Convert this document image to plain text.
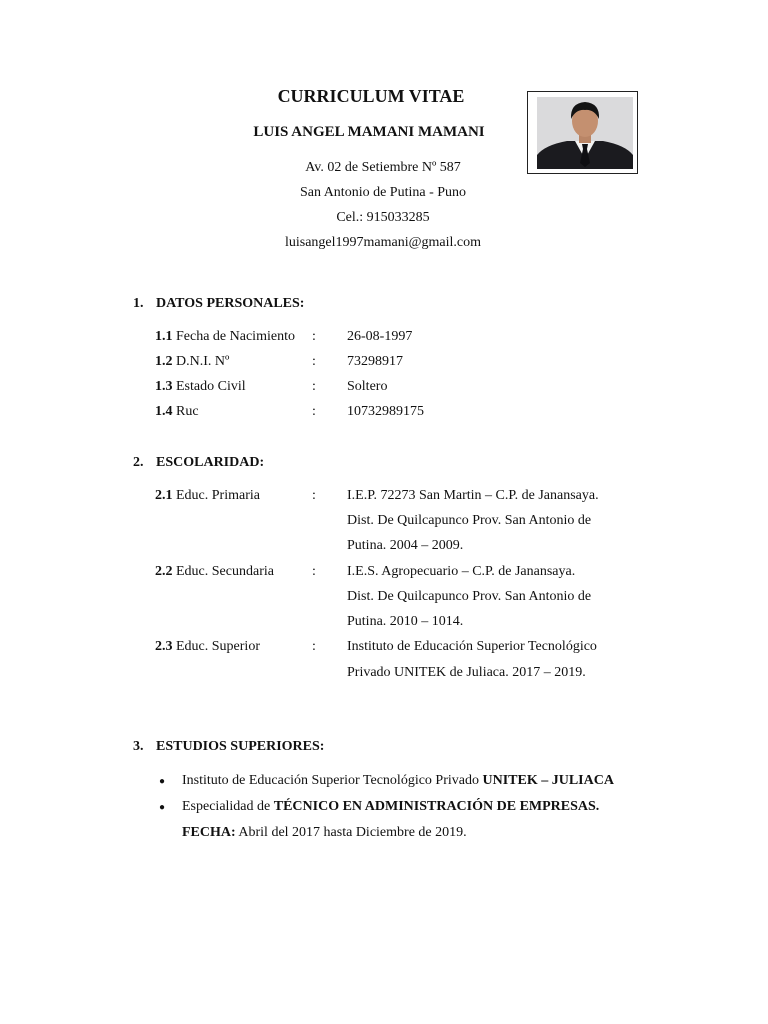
CURRICULUM VITAE
LUIS ANGEL MAMANI MAMANI
Av. 02 de Setiembre Nº 587
San Antonio de Putina - Puno
Cel.: 915033285
luisangel1997mamani@gmail.com
1. DATOS PERSONALES:
1.1 Fecha de Nacimiento : 26-08-1997
1.2 D.N.I. Nº	: 73298917
1.3 Estado Civil	: Soltero
1.4 Ruc	: 10732989175
2. ESCOLARIDAD:
2.1 Educ. Primaria	: I.E.P. 72273 San Martin – C.P. de Janansaya.
Dist. De Quilcapunco Prov. San Antonio de
Putina. 2004 – 2009.
2.2 Educ. Secundaria	: I.E.S. Agropecuario – C.P. de Janansaya.
Dist. De Quilcapunco Prov. San Antonio de
Putina. 2010 – 1014.
2.3 Educ. Superior	: Instituto de Educación Superior Tecnológico
Privado UNITEK de Juliaca. 2017 – 2019.
3. ESTUDIOS SUPERIORES:
● Instituto de Educación Superior Tecnológico Privado UNITEK – JULIACA
● Especialidad de TÉCNICO EN ADMINISTRACIÓN DE EMPRESAS.
FECHA: Abril del 2017 hasta Diciembre de 2019.
